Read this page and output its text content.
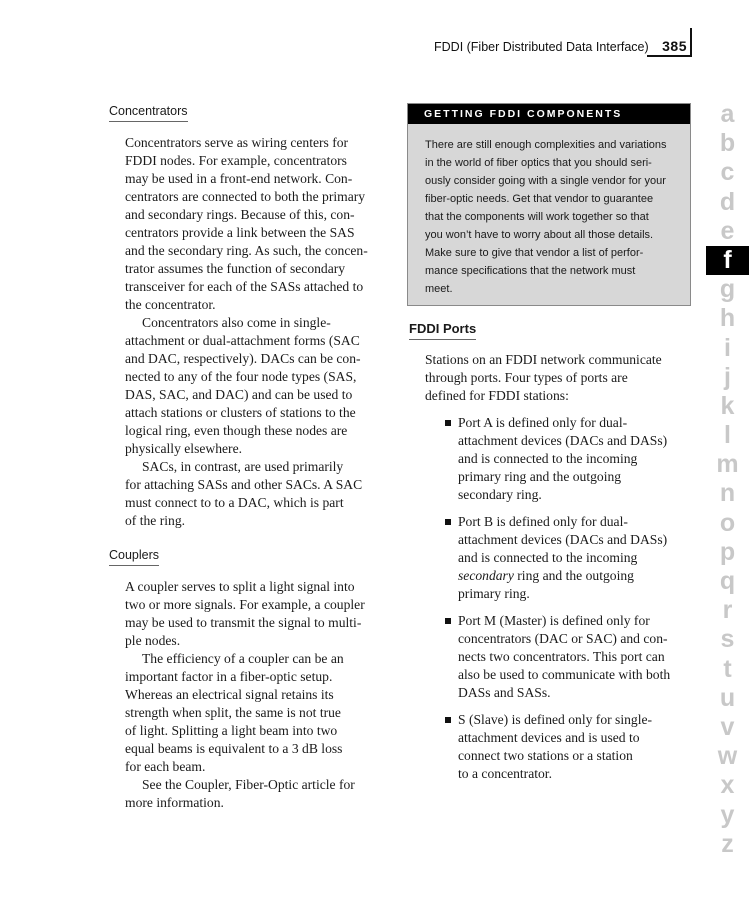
FDDI (Fiber Distributed Data Interface) 385
Concentrators

Concentrators serve as wiring centers for

FDDI nodes. For example, concentrators

may be used in a front-end network. Con-

centrators are connected to both the primary

and secondary rings. Because of this, con-

centrators provide a link between the SAS

and the secondary ring. As such, the concen-

trator assumes the function of secondary

transceiver for each of the SASs attached to

the concentrator.

Concentrators also come in single-

attachment or dual-attachment forms (SAC

and DAC, respectively). DACs can be con-

nected to any of the four node types (SAS,

DAS, SAC, and DAC) and can be used to

attach stations or clusters of stations to the

logical ring, even though these nodes are

physically elsewhere.

SACs, in contrast, are used primarily

for attaching SASs and other SACs. A SAC

must connect to to a DAC, which is part

of the ring.

Couplers

A coupler serves to split a light signal into

two or more signals. For example, a coupler

may be used to transmit the signal to multi-

ple nodes.

The efficiency of a coupler can be an

important factor in a fiber-optic setup.

Whereas an electrical signal retains its

strength when split, the same is not true

of light. Splitting a light beam into two

equal beams is equivalent to a 3 dB loss

for each beam.

See the Coupler, Fiber-Optic article for

more information.

GETTING FDDI COMPONENTS
There are still enough complexities and variations
in the world of fiber optics that you should seri-
ously consider going with a single vendor for your
fiber-optic needs. Get that vendor to guarantee
that the components will work together so that
you won’t have to worry about all those details.
Make sure to give that vendor a list of perfor-
mance specifications that the network must
meet.
FDDI Ports

Stations on an FDDI network communicate

through ports. Four types of ports are

defined for FDDI stations:

Port A is defined only for dual-
attachment devices (DACs and DASs)
and is connected to the incoming
primary ring and the outgoing
secondary ring.
Port B is defined only for dual-
attachment devices (DACs and DASs)
and is connected to the incoming
secondary ring and the outgoing
primary ring.
Port M (Master) is defined only for
concentrators (DAC or SAC) and con-
nects two concentrators. This port can
also be used to communicate with both
DASs and SASs.
S (Slave) is defined only for single-
attachment devices and is used to
connect two stations or a station
to a concentrator.
a
b
c
d
e
f
g
h
i
j
k
l
m
n
o
p
q
r
s
t
u
v
w
x
y
z
